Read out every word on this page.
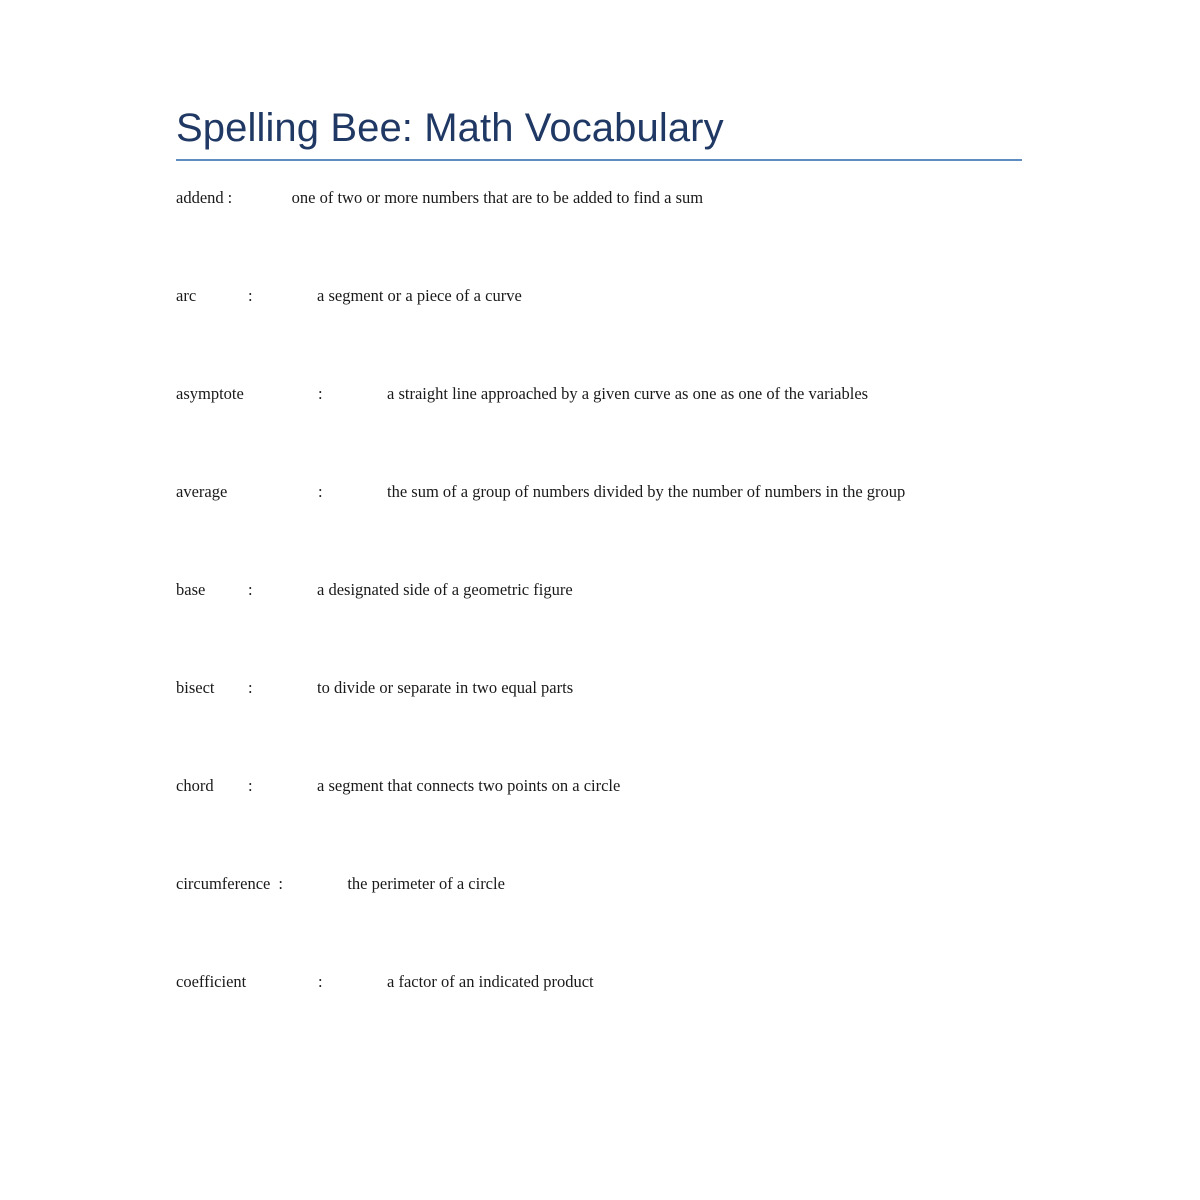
Spelling Bee: Math Vocabulary
addend :	one of two or more numbers that are to be added to find a sum
arc	:	a segment or a piece of a curve
asymptote	:	a straight line approached by a given curve as one as one of the variables
average	:	the sum of a group of numbers divided by the number of numbers in the group
base	:	a designated side of a geometric figure
bisect :	to divide or separate in two equal parts
chord :	a segment that connects two points on a circle
circumference :	the perimeter of a circle
coefficient	:	a factor of an indicated product
